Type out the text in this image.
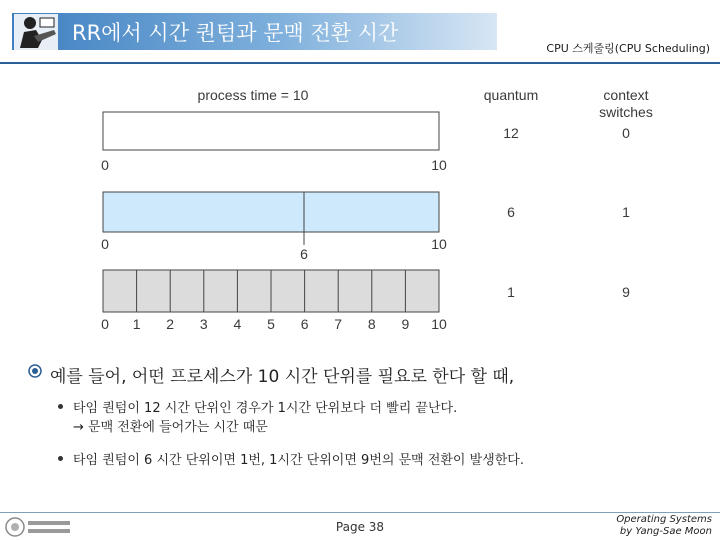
RR에서 시간 퀀텀과 문맥 전환 시간
CPU 스케줄링(CPU Scheduling)
process time = 10	quantum	context
switches
0	10
12	0
0
6
10
6	1
0 1 2 3 4 5 6 7 8 9 10
1	9
예를 들어, 어떤 프로세스가 10 시간 단위를 필요로 한다 할 때,
타임 퀀텀이 12 시간 단위인 경우가 1시간 단위보다 더 빨리 끝난다.
→ 문맥 전환에 들어가는 시간 때문
타임 퀀텀이 6 시간 단위이면 1번, 1시간 단위이면 9번의 문맥 전환이 발생한다.
Page 38
Operating Systems
by Yang-Sae Moon
